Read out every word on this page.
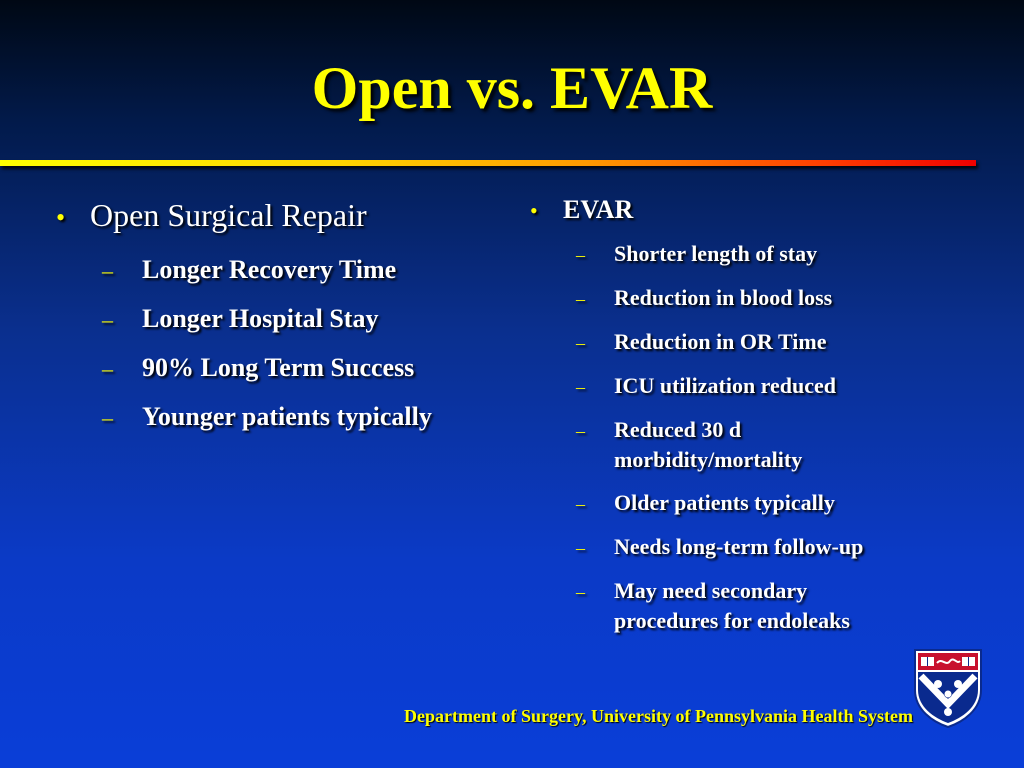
Open vs. EVAR
• Open Surgical Repair
–	Longer Recovery Time
–	Longer Hospital Stay
–	90% Long Term Success
–	Younger patients typically
• EVAR
–	Shorter length of stay
–	Reduction in blood loss
–	Reduction in OR Time
–	ICU utilization reduced
–	Reduced 30 d morbidity/mortality
–	Older patients typically
–	Needs long-term follow-up
–	May need secondary procedures for endoleaks
Department of Surgery, University of Pennsylvania Health System
